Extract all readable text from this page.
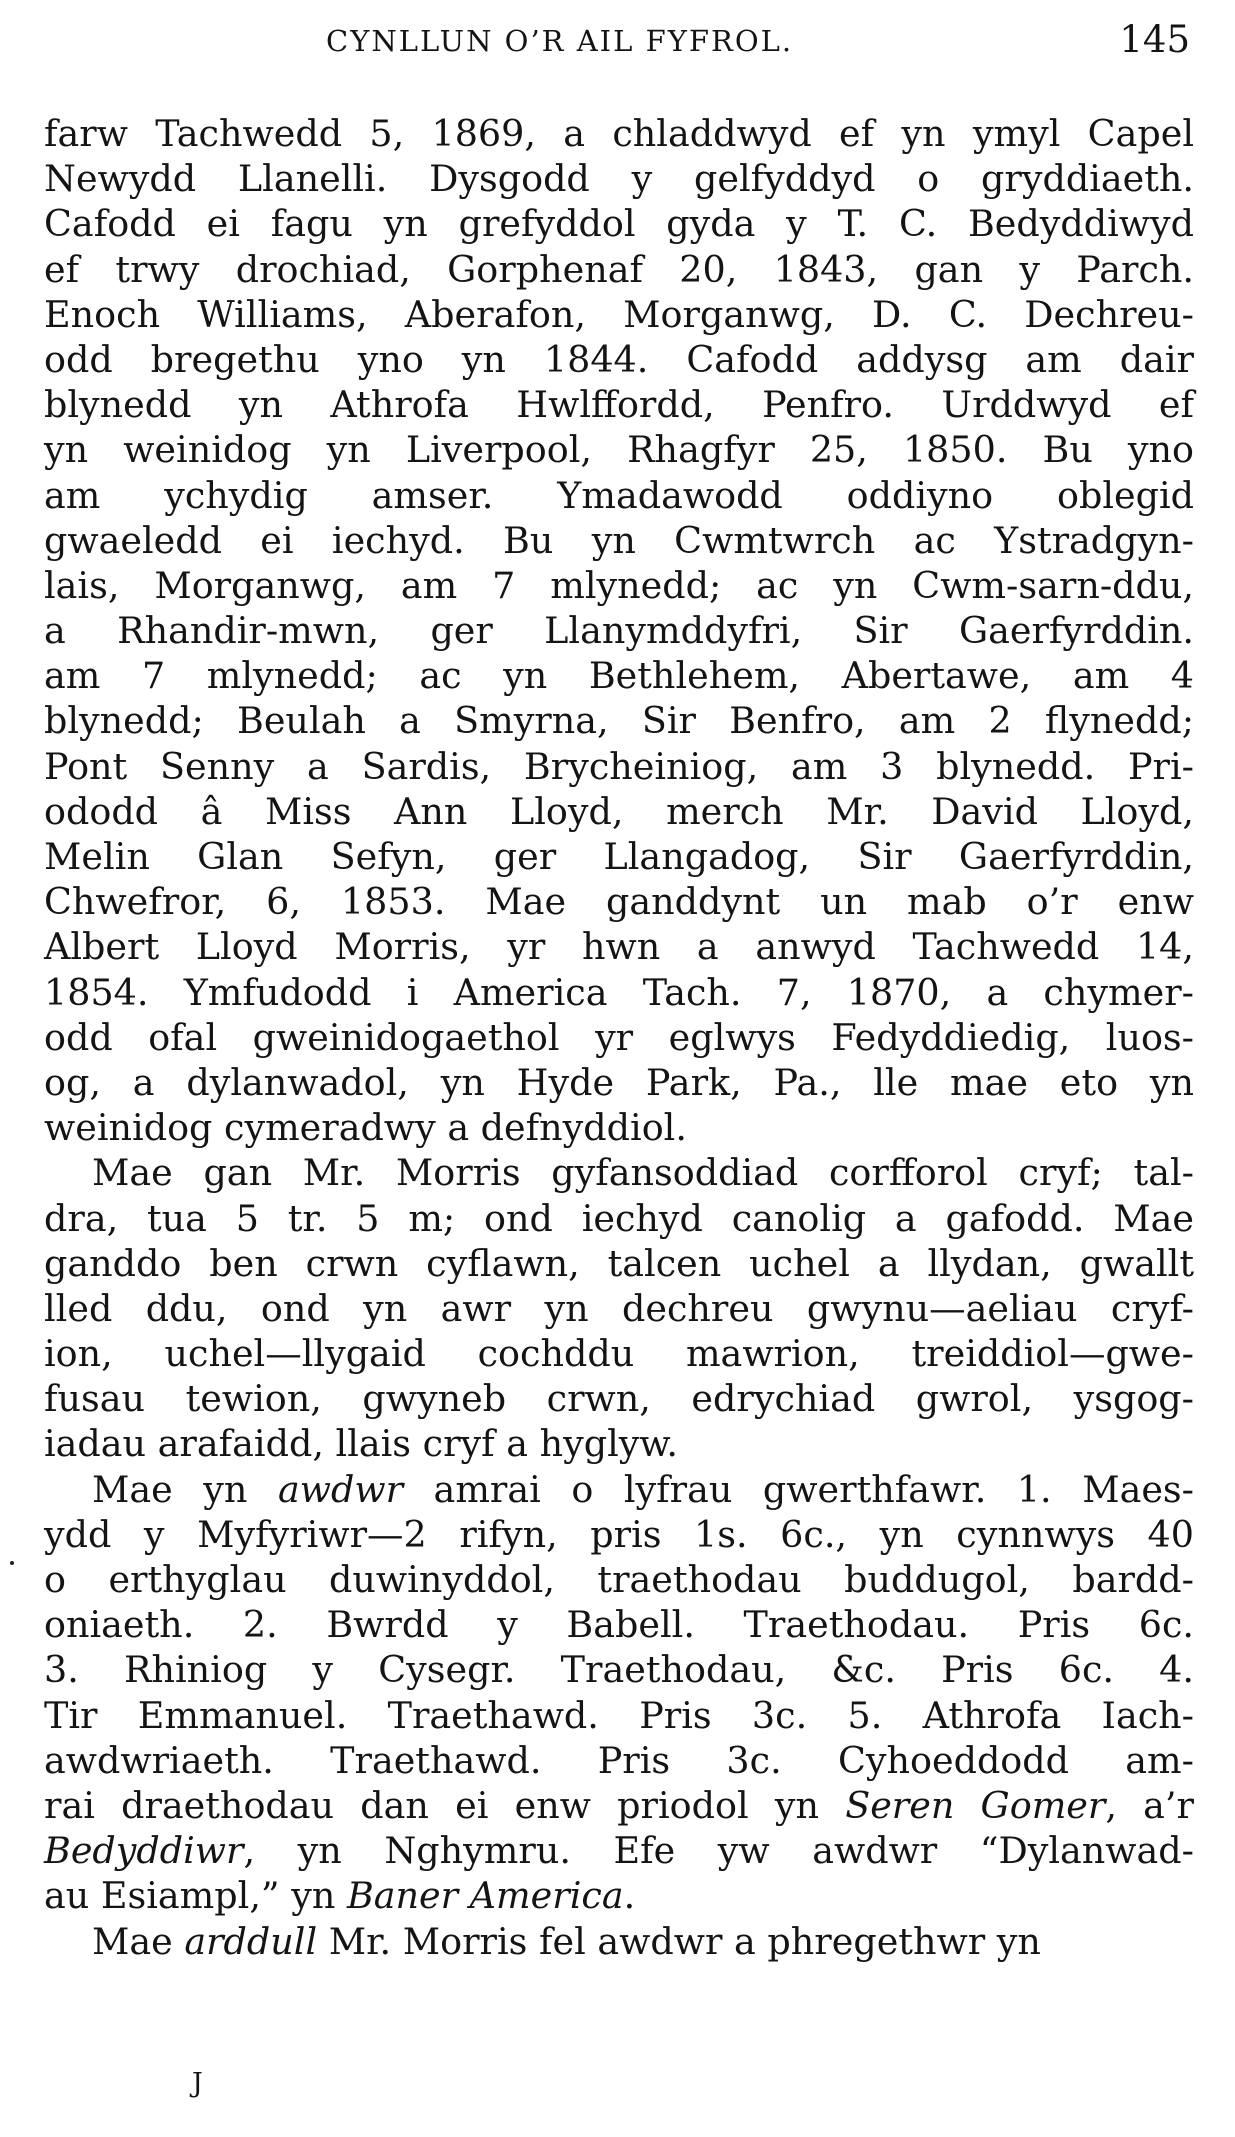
CYNLLUN O’R AIL FYFROL.	145
farw Tachwedd 5, 1869, a chladdwyd ef yn ymyl Capel
Newydd Llanelli. Dysgodd y gelfyddyd o gryddiaeth.
Cafodd ei fagu yn grefyddol gyda y T. C. Bedyddiwyd
ef trwy drochiad, Gorphenaf 20, 1843, gan y Parch.
Enoch Williams, Aberafon, Morganwg, D. C. Dechreu-
odd bregethu yno yn 1844. Cafodd addysg am dair
blynedd yn Athrofa Hwlffordd, Penfro. Urddwyd ef
yn weinidog yn Liverpool, Rhagfyr 25, 1850. Bu yno
am ychydig amser. Ymadawodd oddiyno oblegid
gwaeledd ei iechyd. Bu yn Cwmtwrch ac Ystradgyn-
lais, Morganwg, am 7 mlynedd; ac yn Cwm-sarn-ddu,
a Rhandir-mwn, ger Llanymddyfri, Sir Gaerfyrddin.
am 7 mlynedd; ac yn Bethlehem, Abertawe, am 4
blynedd; Beulah a Smyrna, Sir Benfro, am 2 flynedd;
Pont Senny a Sardis, Brycheiniog, am 3 blynedd. Pri-
ododd â Miss Ann Lloyd, merch Mr. David Lloyd,
Melin Glan Sefyn, ger Llangadog, Sir Gaerfyrddin,
Chwefror, 6, 1853. Mae ganddynt un mab o’r enw
Albert Lloyd Morris, yr hwn a anwyd Tachwedd 14,
1854. Ymfudodd i America Tach. 7, 1870, a chymer-
odd ofal gweinidogaethol yr eglwys Fedyddiedig, luos-
og, a dylanwadol, yn Hyde Park, Pa., lle mae eto yn
weinidog cymeradwy a defnyddiol.
Mae gan Mr. Morris gyfansoddiad corfforol cryf; tal-
dra, tua 5 tr. 5 m; ond iechyd canolig a gafodd. Mae
ganddo ben crwn cyflawn, talcen uchel a llydan, gwallt
lled ddu, ond yn awr yn dechreu gwynu—aeliau cryf-
ion, uchel—llygaid cochddu mawrion, treiddiol—gwe-
fusau tewion, gwyneb crwn, edrychiad gwrol, ysgog-
iadau arafaidd, llais cryf a hyglyw.
Mae yn awdwr amrai o lyfrau gwerthfawr. 1. Maes-
ydd y Myfyriwr—2 rifyn, pris 1s. 6c., yn cynnwys 40
o erthyglau duwinyddol, traethodau buddugol, bardd-
oniaeth. 2. Bwrdd y Babell. Traethodau. Pris 6c.
3. Rhiniog y Cysegr. Traethodau, &c. Pris 6c. 4.
Tir Emmanuel. Traethawd. Pris 3c. 5. Athrofa Iach-
awdwriaeth. Traethawd. Pris 3c. Cyhoeddodd am-
rai draethodau dan ei enw priodol yn Seren Gomer, a’r
Bedyddiwr, yn Nghymru. Efe yw awdwr “Dylanwad-
au Esiampl,” yn Baner America.
Mae arddull Mr. Morris fel awdwr a phregethwr yn
J
